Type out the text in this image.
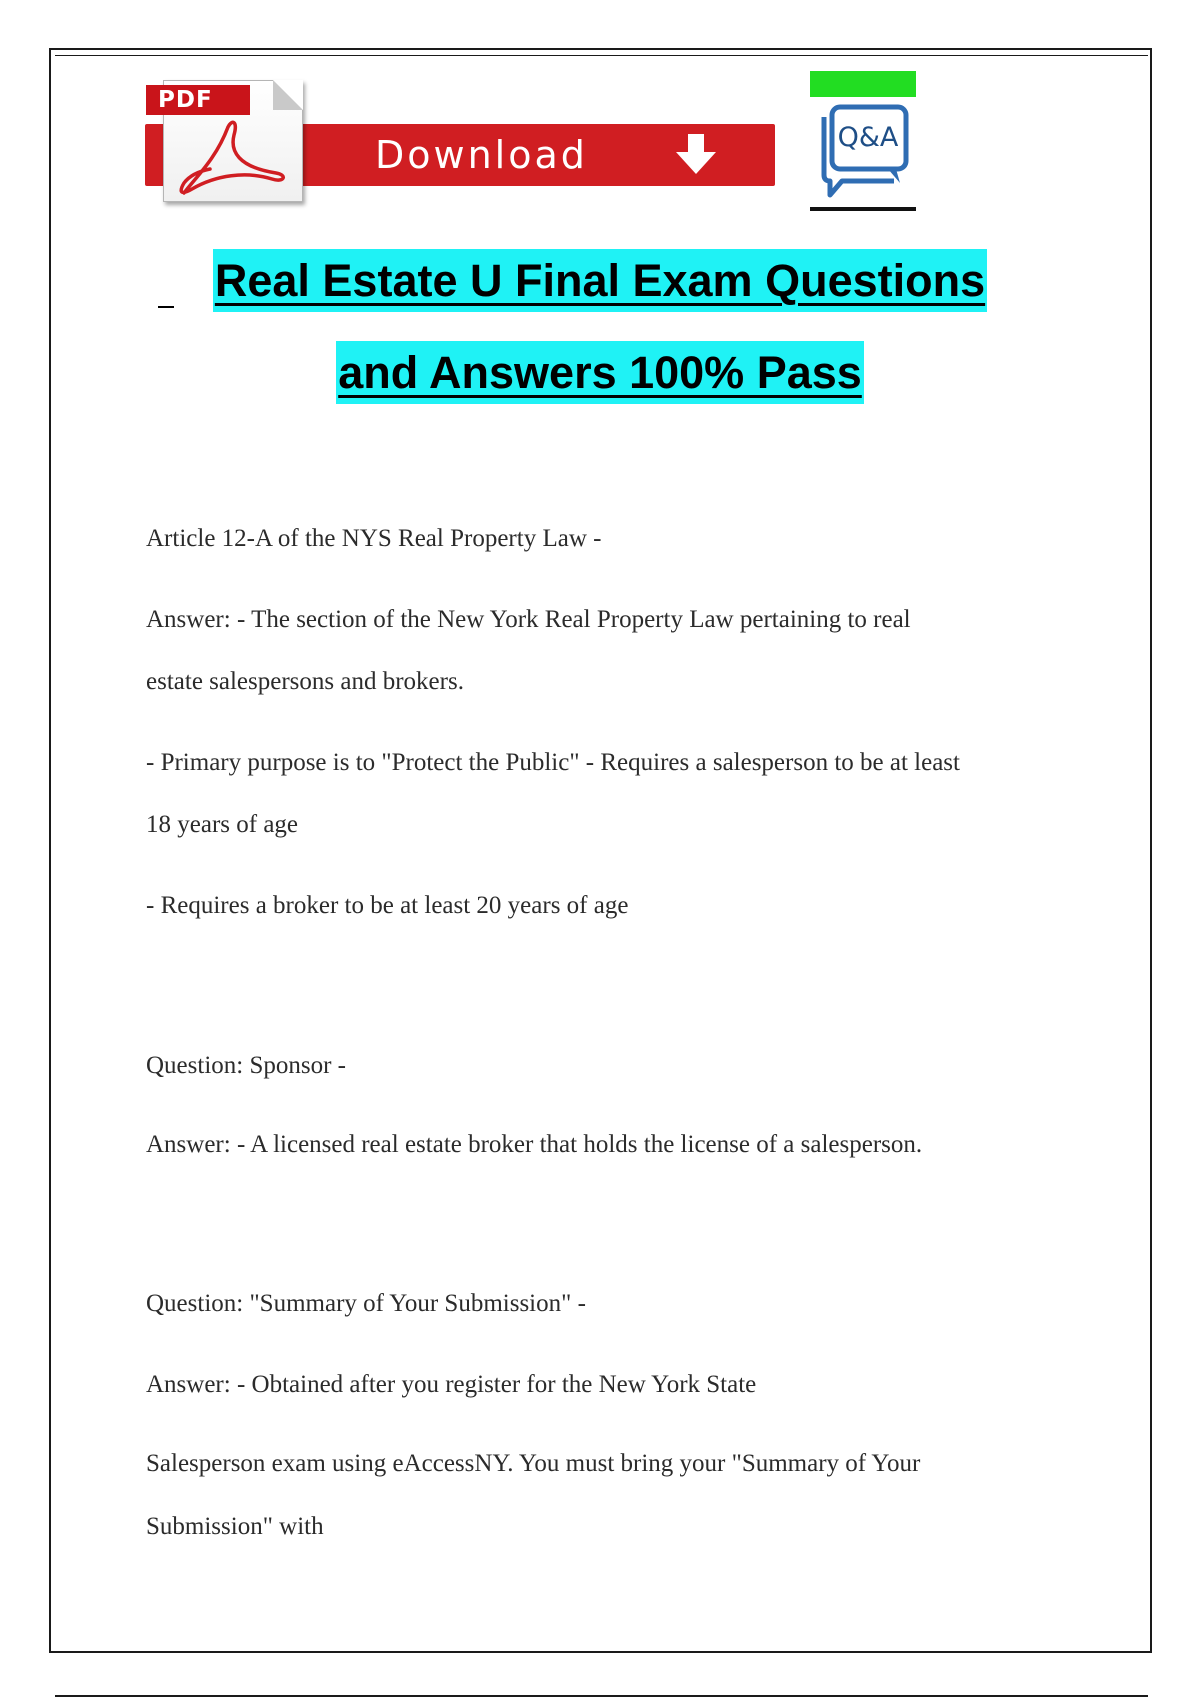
Download
PDF
Q&A
Real Estate U Final Exam Questions
and Answers 100% Pass
Article 12-A of the NYS Real Property Law -
Answer: - The section of the New York Real Property Law pertaining to real
estate salespersons and brokers.
- Primary purpose is to "Protect the Public" - Requires a salesperson to be at least
18 years of age
- Requires a broker to be at least 20 years of age
Question: Sponsor -
Answer: - A licensed real estate broker that holds the license of a salesperson.
Question: "Summary of Your Submission" -
Answer: - Obtained after you register for the New York State
Salesperson exam using eAccessNY. You must bring your "Summary of Your
Submission" with
